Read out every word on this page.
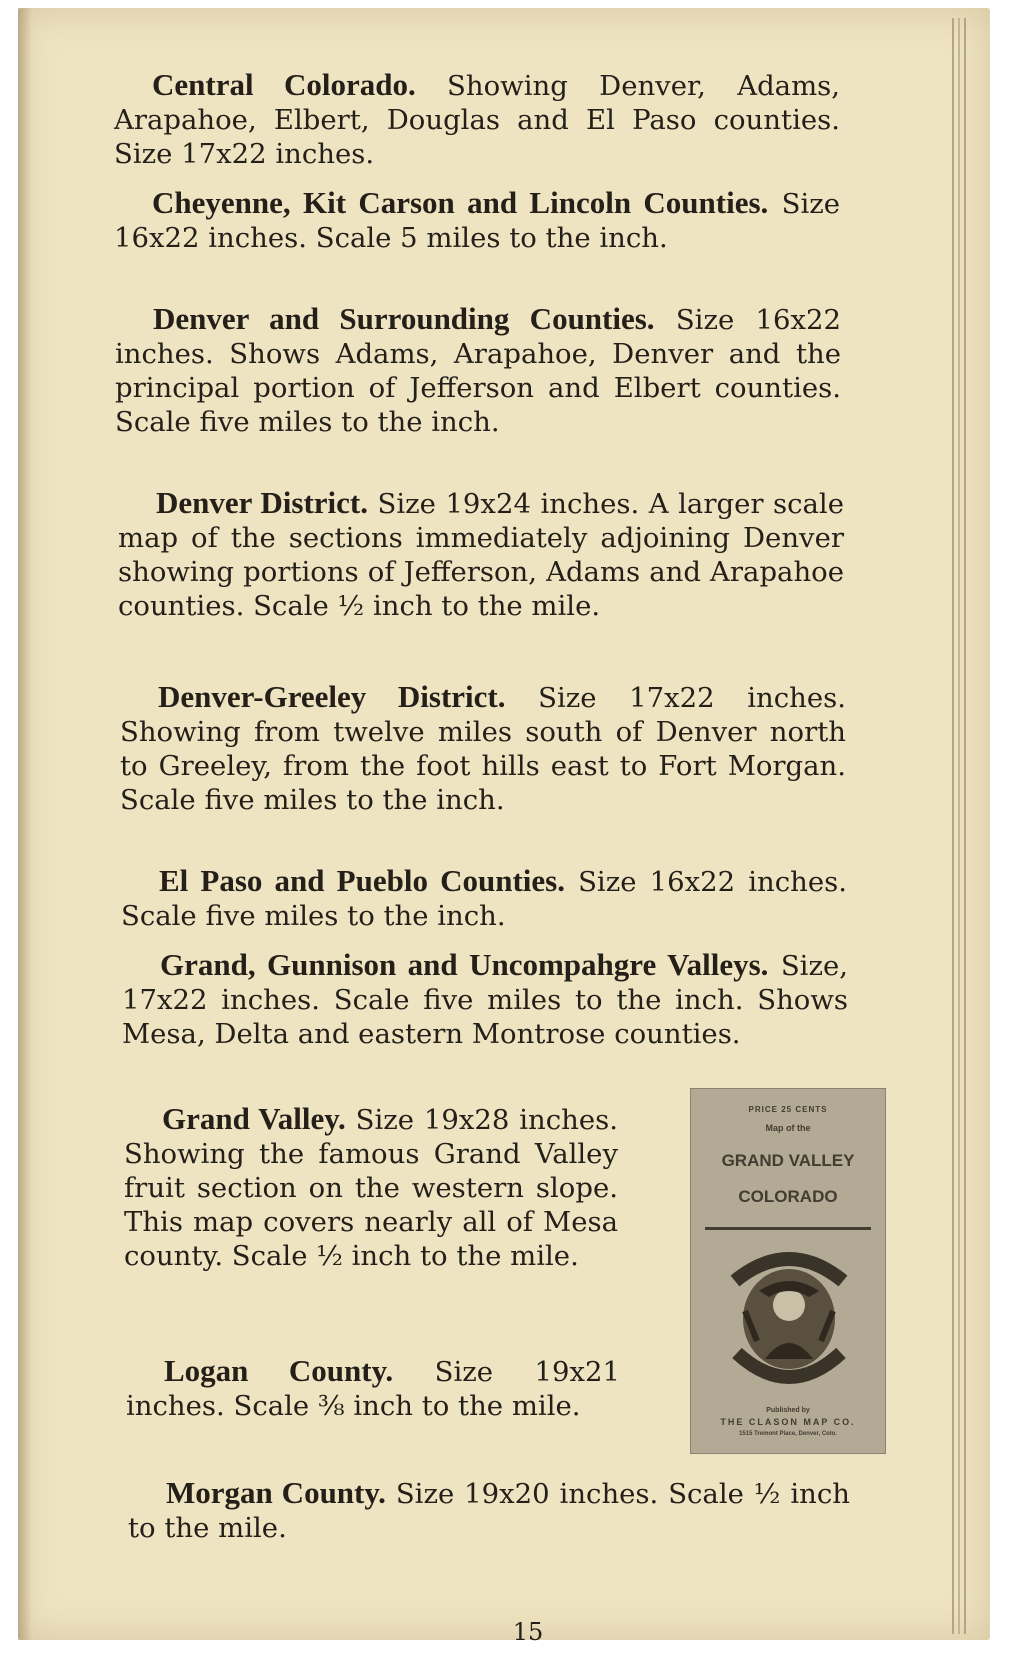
Central Colorado. Showing Denver, Adams, Arapahoe, Elbert, Douglas and El Paso counties. Size 17x22 inches.

Cheyenne, Kit Carson and Lincoln Counties. Size 16x22 inches. Scale 5 miles to the inch.

Denver and Surrounding Counties. Size 16x22 inches. Shows Adams, Arapahoe, Denver and the principal portion of Jefferson and Elbert counties. Scale five miles to the inch.

Denver District. Size 19x24 inches. A larger scale map of the sections immediately adjoining Denver showing portions of Jefferson, Adams and Arapahoe counties. Scale ½ inch to the mile.

Denver-Greeley District. Size 17x22 inches. Showing from twelve miles south of Denver north to Greeley, from the foot hills east to Fort Morgan. Scale five miles to the inch.

El Paso and Pueblo Counties. Size 16x22 inches. Scale five miles to the inch.

Grand, Gunnison and Uncompahgre Valleys. Size, 17x22 inches. Scale five miles to the inch. Shows Mesa, Delta and eastern Montrose counties.

Grand Valley. Size 19x28 inches. Showing the famous Grand Valley fruit section on the western slope. This map covers nearly all of Mesa county. Scale ½ inch to the mile.

Logan County. Size 19x21 inches. Scale ⅜ inch to the mile.

Morgan County. Size 19x20 inches. Scale ½ inch to the mile.

PRICE 25 CENTS
Map of the
GRAND VALLEY
COLORADO
Published by
THE CLASON MAP CO.
1515 Tremont Place, Denver, Colo.
15
